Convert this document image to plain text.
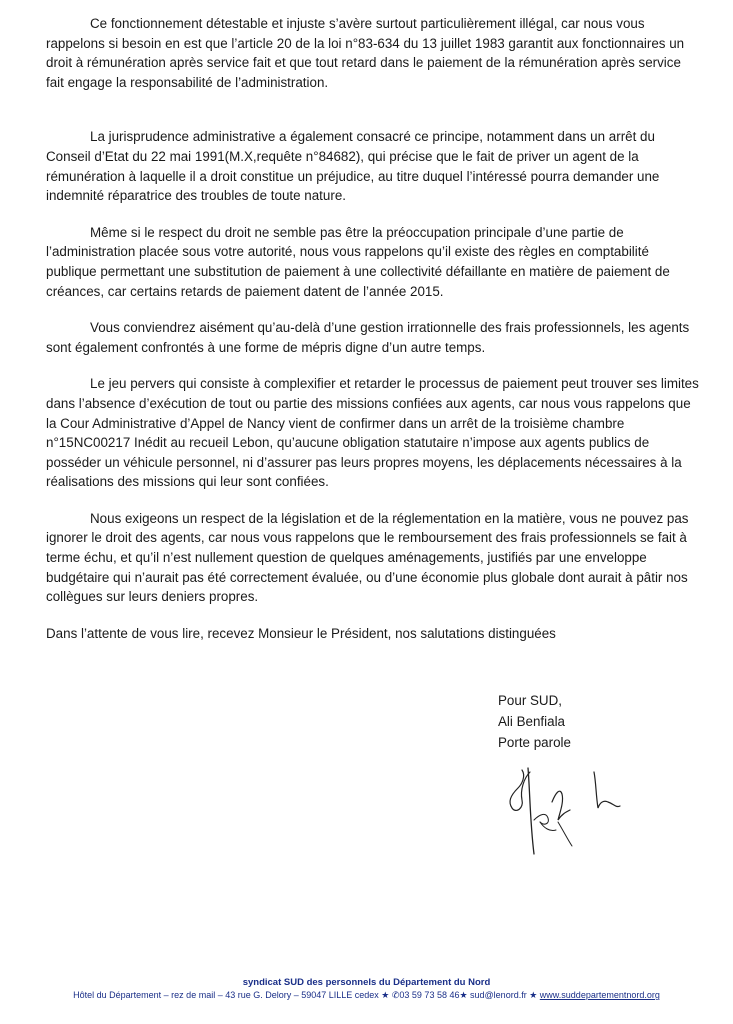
Ce fonctionnement détestable et injuste s’avère surtout particulièrement illégal, car nous vous rappelons si besoin en est que l’article 20 de la loi n°83-634 du 13 juillet 1983 garantit aux fonctionnaires un droit à rémunération après service fait et que tout retard dans le paiement de la rémunération après service fait engage la responsabilité de l’administration.

La jurisprudence administrative a également consacré ce principe, notamment dans un arrêt du Conseil d’Etat du 22 mai 1991(M.X,requête n°84682), qui précise que le fait de priver un agent de la rémunération à laquelle il a droit constitue un préjudice, au titre duquel l’intéressé pourra demander une indemnité réparatrice des troubles de toute nature.

Même si le respect du droit ne semble pas être la préoccupation principale d’une partie de l’administration placée sous votre autorité, nous vous rappelons qu’il existe des règles en comptabilité publique permettant une substitution de paiement à une collectivité défaillante en matière de paiement de créances, car certains retards de paiement datent de l’année 2015.

Vous conviendrez aisément qu’au-delà d’une gestion irrationnelle des frais professionnels, les agents sont également confrontés à une forme de mépris digne d’un autre temps.

Le jeu pervers qui consiste à complexifier et retarder le processus de paiement peut trouver ses limites dans l’absence d’exécution de tout ou partie des missions confiées aux agents, car nous vous rappelons que la Cour Administrative d’Appel de Nancy vient de confirmer dans un arrêt de la troisième chambre n°15NC00217 Inédit au recueil Lebon, qu’aucune obligation statutaire n’impose aux agents publics de posséder un véhicule personnel, ni d’assurer pas leurs propres moyens, les déplacements nécessaires à la réalisations des missions qui leur sont confiées.

Nous exigeons un respect de la législation et de la réglementation en la matière, vous ne pouvez pas ignorer le droit des agents, car nous vous rappelons que le remboursement des frais professionnels se fait à terme échu, et qu’il n’est nullement question de quelques aménagements, justifiés par une enveloppe budgétaire qui n’aurait pas été correctement évaluée, ou d’une économie plus globale dont aurait à pâtir nos collègues sur leurs deniers propres.

Dans l’attente de vous lire, recevez Monsieur le Président, nos salutations distinguées

Pour SUD,

Ali Benfiala

Porte parole

syndicat SUD des personnels du Département du Nord

Hôtel du Département – rez de mail – 43 rue G. Delory – 59047 LILLE cedex ★ ✆03 59 73 58 46★ sud@lenord.fr ★ www.suddepartementnord.org
